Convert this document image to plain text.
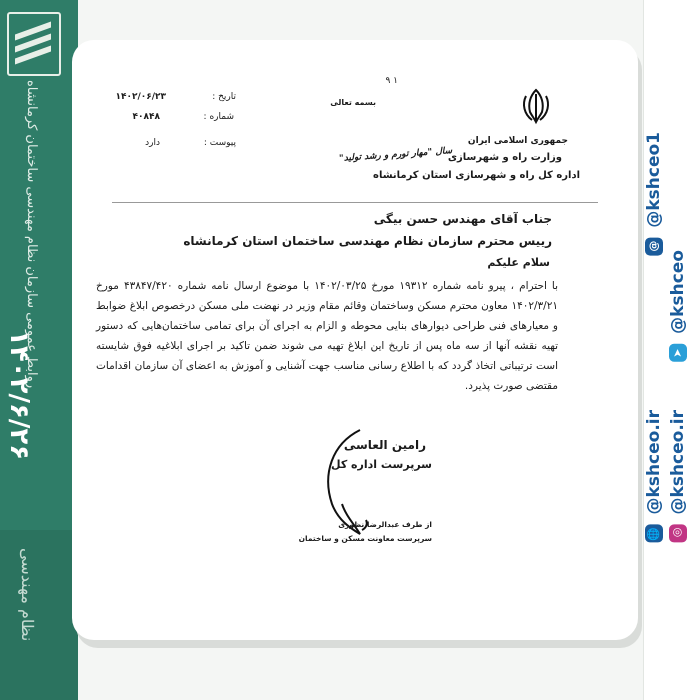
روابط عمومی سازمان نظام مهندسی ساختمان کرمانشاه
۱۴۰۲/۶/۲۶
نظام مهندسی
@ @kshceo1
➤ @kshceo
🌐 @kshceo.ir
◎ @kshceo.ir
۱ ۹
بسمه تعالی
جمهوری اسلامی ایران
وزارت راه و شهرسازی
اداره کل راه و شهرسازی استان کرمانشاه
سال "مهار تورم و رشد تولید"
تاریخ :
۱۴۰۲/۰۶/۲۳
شماره :
۴۰۸۴۸
پیوست :
دارد
جناب آقای مهندس حسن بیگی
رییس محترم سازمان نظام مهندسی ساختمان استان کرمانشاه
سلام علیکم
با احترام ، پیرو نامه شماره ۱۹۳۱۲ مورخ ۱۴۰۲/۰۳/۲۵ با موضوع ارسال نامه شماره ۴۳۸۴۷/۴۲۰ مورخ ۱۴۰۲/۳/۲۱ معاون محترم مسکن وساختمان وقائم مقام وزیر در نهضت ملی مسکن درخصوص ابلاغ ضوابط و معیارهای فنی طراحی دیوارهای بنایی محوطه و الزام به اجرای آن برای تمامی ساختمان‌هایی که دستور تهیه نقشه آنها از سه ماه پس از تاریخ این ابلاغ تهیه می شوند ضمن تاکید بر اجرای ابلاغیه فوق شایسته است ترتیباتی اتخاذ گردد که با اطلاع رسانی مناسب جهت آشنایی و آموزش به اعضای آن سازمان اقدامات مقتضی صورت پذیرد.
رامین العاسی
سرپرست اداره کل
از طرف عبدالرضا نظوری
سرپرست معاونت مسکن و ساختمان
